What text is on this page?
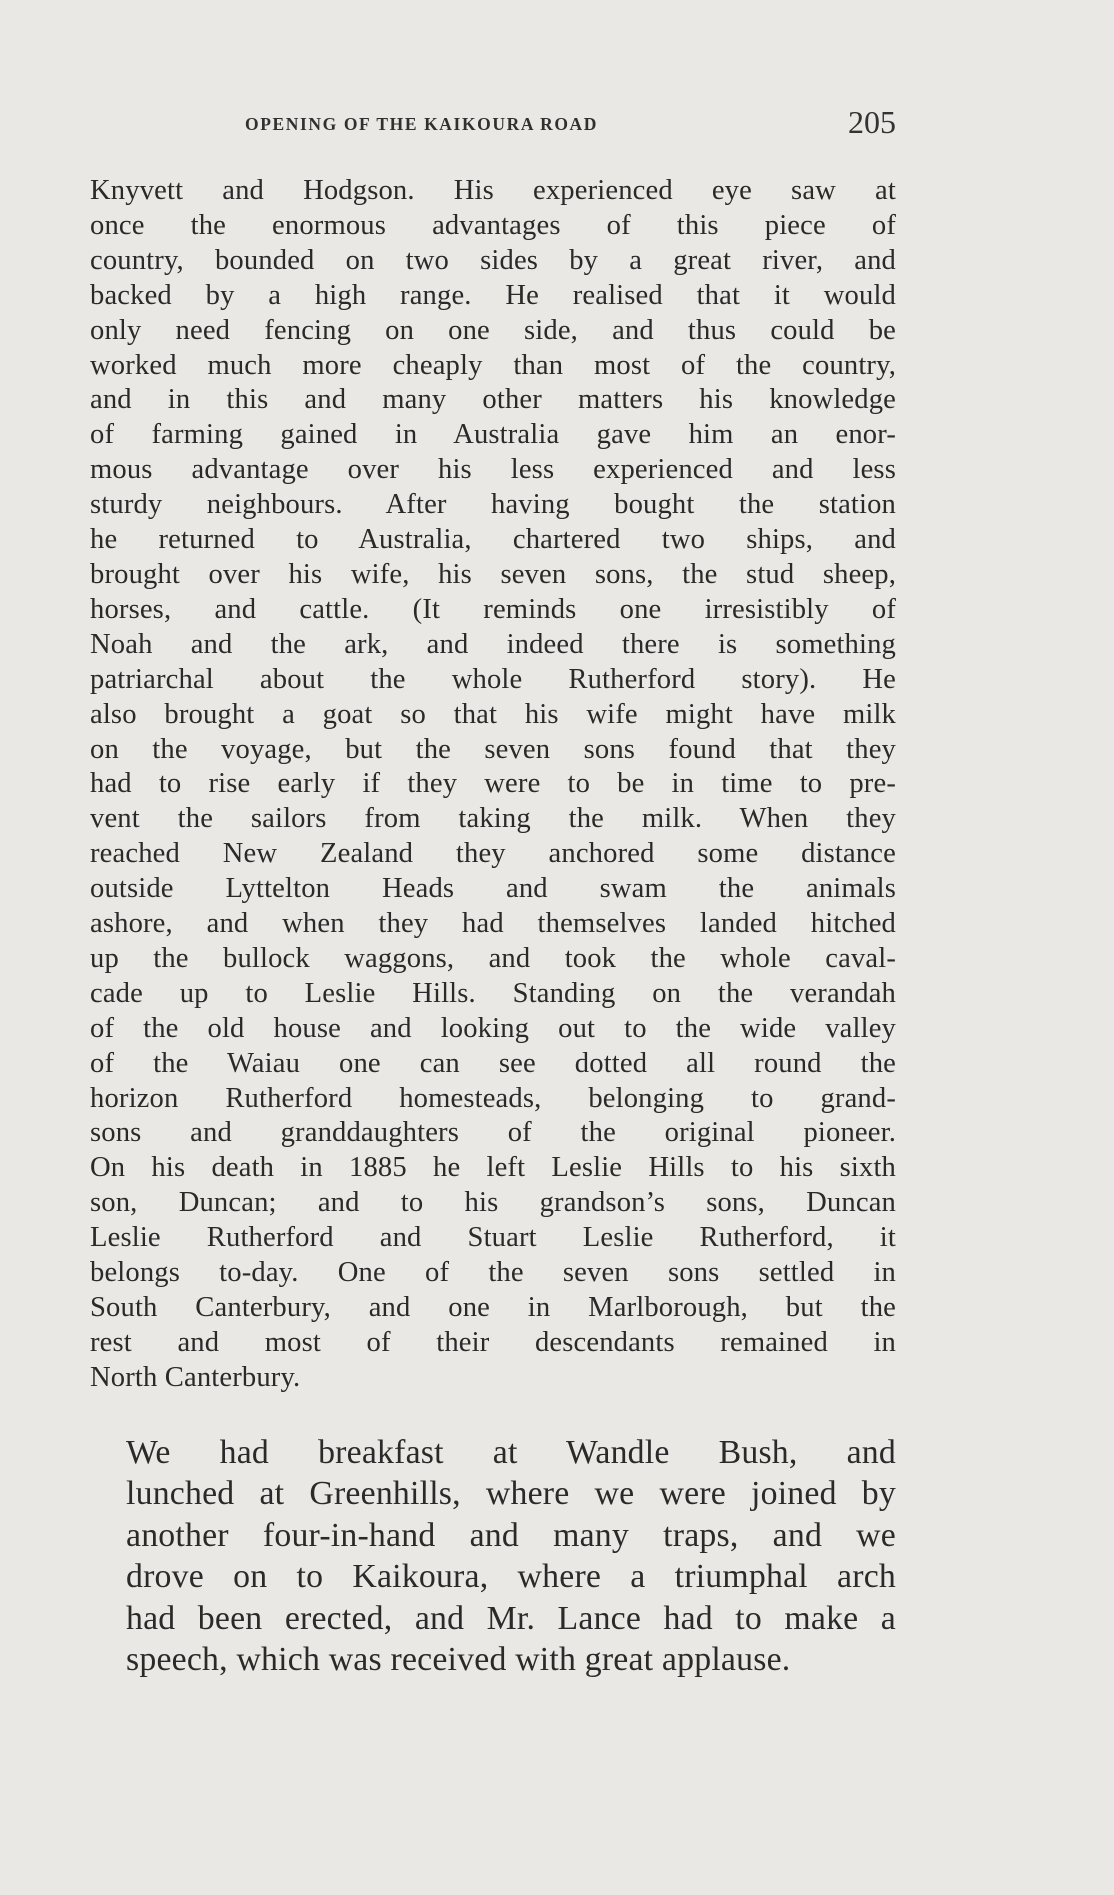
OPENING OF THE KAIKOURA ROAD	205

Knyvett and Hodgson. His experienced eye saw at
once the enormous advantages of this piece of
country, bounded on two sides by a great river, and
backed by a high range. He realised that it would
only need fencing on one side, and thus could be
worked much more cheaply than most of the country,
and in this and many other matters his knowledge
of farming gained in Australia gave him an enor-
mous advantage over his less experienced and less
sturdy neighbours. After having bought the station
he returned to Australia, chartered two ships, and
brought over his wife, his seven sons, the stud sheep,
horses, and cattle. (It reminds one irresistibly of
Noah and the ark, and indeed there is something
patriarchal about the whole Rutherford story). He
also brought a goat so that his wife might have milk
on the voyage, but the seven sons found that they
had to rise early if they were to be in time to pre-
vent the sailors from taking the milk. When they
reached New Zealand they anchored some distance
outside Lyttelton Heads and swam the animals
ashore, and when they had themselves landed hitched
up the bullock waggons, and took the whole caval-
cade up to Leslie Hills. Standing on the verandah
of the old house and looking out to the wide valley
of the Waiau one can see dotted all round the
horizon Rutherford homesteads, belonging to grand-
sons and granddaughters of the original pioneer.
On his death in 1885 he left Leslie Hills to his sixth
son, Duncan; and to his grandson’s sons, Duncan
Leslie Rutherford and Stuart Leslie Rutherford, it
belongs to-day. One of the seven sons settled in
South Canterbury, and one in Marlborough, but the
rest and most of their descendants remained in
North Canterbury.

We had breakfast at Wandle Bush, and
lunched at Greenhills, where we were joined by
another four-in-hand and many traps, and we
drove on to Kaikoura, where a triumphal arch
had been erected, and Mr. Lance had to make a
speech, which was received with great applause.
